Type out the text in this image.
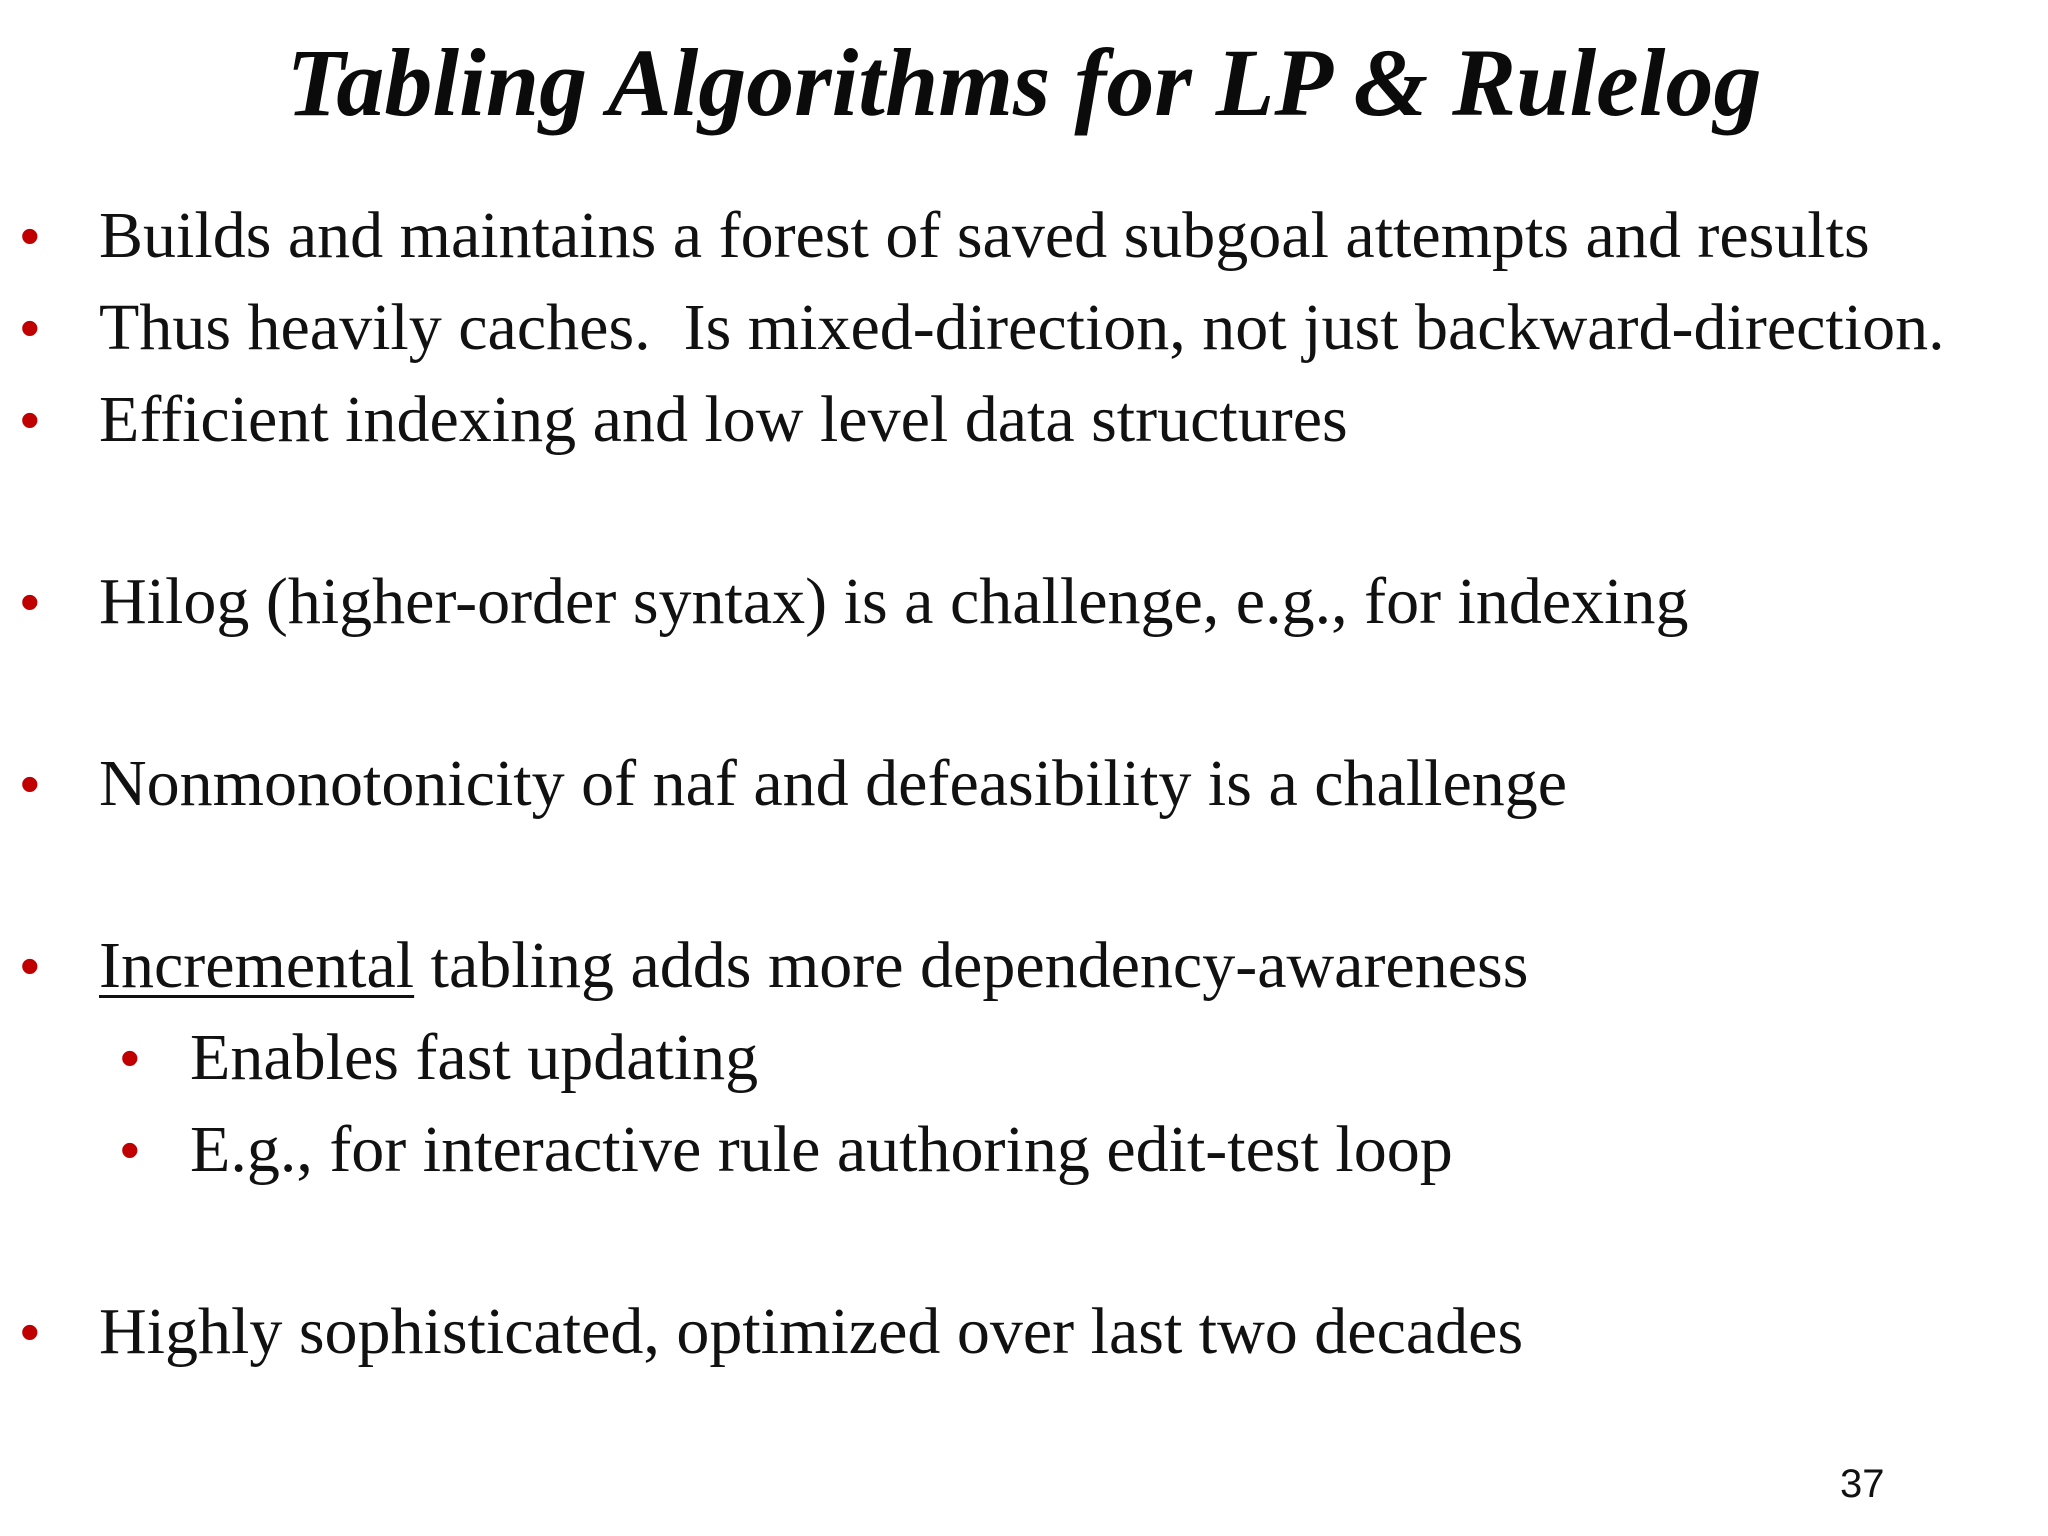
Tabling Algorithms for LP & Rulelog
• Builds and maintains a forest of saved subgoal attempts and results
• Thus heavily caches.  Is mixed-direction, not just backward-direction.
• Efficient indexing and low level data structures
• Hilog (higher-order syntax) is a challenge, e.g., for indexing
• Nonmonotonicity of naf and defeasibility is a challenge
• Incremental tabling adds more dependency-awareness
• Enables fast updating
• E.g., for interactive rule authoring edit-test loop
• Highly sophisticated, optimized over last two decades
37
